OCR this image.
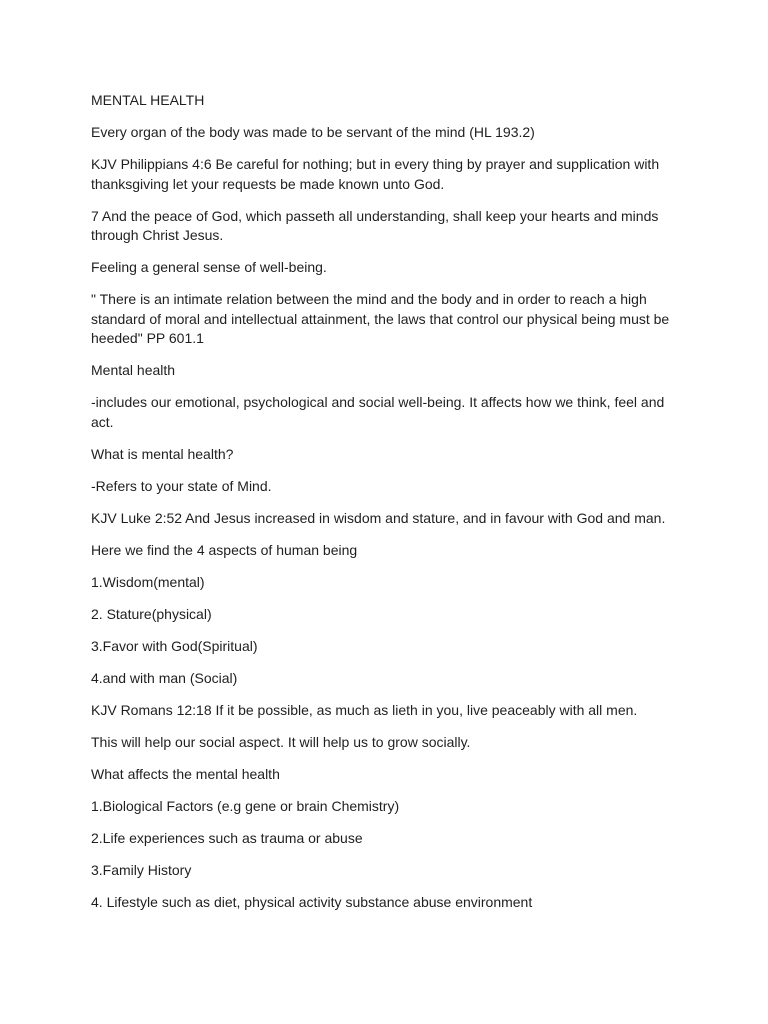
MENTAL HEALTH

Every organ of the body was made to be servant of the mind (HL 193.2)

KJV Philippians 4:6 Be careful for nothing; but in every thing by prayer and supplication with thanksgiving let your requests be made known unto God.

7 And the peace of God, which passeth all understanding, shall keep your hearts and minds through Christ Jesus.

Feeling a general sense of well-being.

" There is an intimate relation between the mind and the body and in order to reach a high standard of moral and intellectual attainment, the laws that control our physical being must be heeded" PP 601.1

Mental health

-includes our emotional, psychological and social well-being. It affects how we think, feel and act.

What is mental health?

-Refers to your state of Mind.

KJV Luke 2:52 And Jesus increased in wisdom and stature, and in favour with God and man.

Here we find the 4 aspects of human being

1.Wisdom(mental)

2. Stature(physical)

3.Favor with God(Spiritual)

4.and with man (Social)

KJV Romans 12:18 If it be possible, as much as lieth in you, live peaceably with all men.

This will help our social aspect. It will help us to grow socially.

What affects the mental health

1.Biological Factors (e.g gene or brain Chemistry)

2.Life experiences such as trauma or abuse

3.Family History

4. Lifestyle such as diet, physical activity substance abuse environment
